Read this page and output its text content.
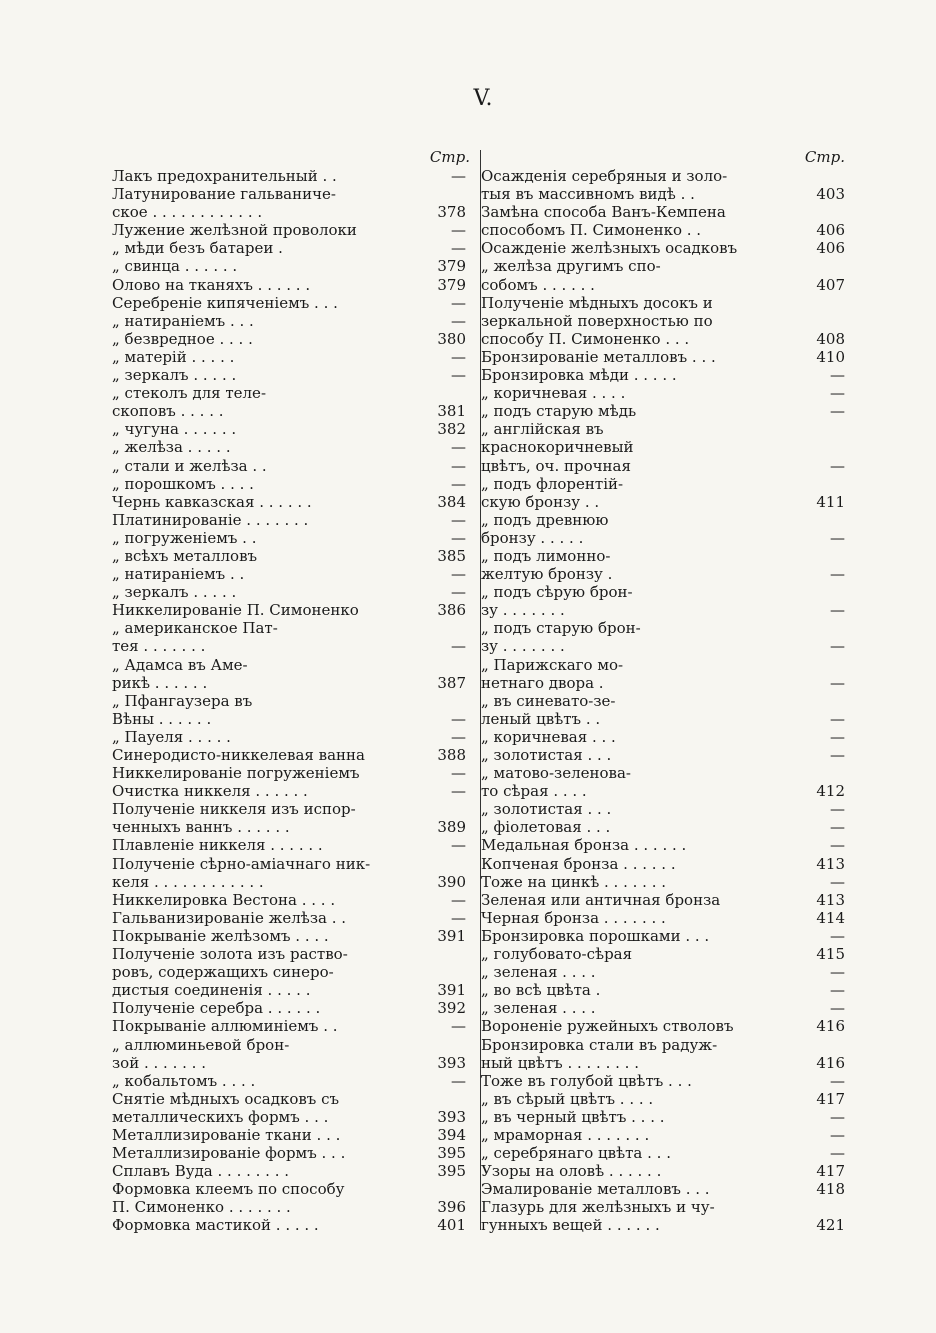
V.
Стр.
Лакъ предохранительный . .	—
Латунирование гальваниче-
ское . . . . . . . . . . . .	378
Лужение желѣзной проволоки	—
„ мѣди безъ батареи .	—
„ свинца . . . . . .	379
Олово на тканяхъ . . . . . .	379
Серебреніе кипяченіемъ . . .	—
„ натираніемъ . . .	—
„ безвредное . . . .	380
„ матерій . . . . .	—
„ зеркалъ . . . . .	—
„ стеколъ для теле-
скоповъ . . . . .	381
„ чугуна . . . . . .	382
„ желѣза . . . . .	—
„ стали и желѣза . .	—
„ порошкомъ . . . .	—
Чернь кавказская . . . . . .	384
Платинированіе . . . . . . .	—
„ погруженіемъ . .	—
„ всѣхъ металловъ	385
„ натираніемъ . .	—
„ зеркалъ . . . . .	—
Никкелированіе П. Симоненко	386
„ американское Пат-
тея . . . . . . .	—
„ Адамса въ Аме-
рикѣ . . . . . .	387
„ Пфангаузера въ
Вѣны . . . . . .	—
„ Пауеля . . . . .	—
Синеродисто-никкелевая ванна	388
Никкелированіе погруженіемъ	—
Очистка никкеля . . . . . .	—
Полученіе никкеля изъ испор-
ченныхъ ваннъ . . . . . .	389
Плавленіе никкеля . . . . . .	—
Полученіе сѣрно-аміачнаго ник-
келя . . . . . . . . . . . .	390
Никкелировка Вестона . . . .	—
Гальванизированіе желѣза . .	—
Покрываніе желѣзомъ . . . .	391
Полученіе золота изъ раство-
ровъ, содержащихъ синеро-
дистыя соединенія . . . . .	391
Полученіе серебра . . . . . .	392
Покрываніе аллюминіемъ . .	—
„ аллюминьевой брон-
зой . . . . . . .	393
„ кобальтомъ . . . .	—
Снятіе мѣдныхъ осадковъ съ
металлическихъ формъ . . .	393
Металлизированіе ткани . . .	394
Металлизированіе формъ . . .	395
Сплавъ Вуда . . . . . . . .	395
Формовка клеемъ по способу
П. Симоненко . . . . . . .	396
Формовка мастикой . . . . .	401
Стр.
Осажденія серебряныя и золо-
тыя въ массивномъ видѣ . .	403
Замѣна способа Ванъ-Кемпена
способомъ П. Симоненко . .	406
Осажденіе желѣзныхъ осадковъ	406
„ желѣза другимъ спо-
собомъ . . . . . .	407
Полученіе мѣдныхъ досокъ и
зеркальной поверхностью по
способу П. Симоненко . . .	408
Бронзированіе металловъ . . .	410
Бронзировка мѣди . . . . .	—
„ коричневая . . . .	—
„ подъ старую мѣдь	—
„ англійская въ
краснокоричневый
цвѣтъ, оч. прочная	—
„ подъ флорентій-
скую бронзу . .	411
„ подъ древнюю
бронзу . . . . .	—
„ подъ лимонно-
желтую бронзу .	—
„ подъ сѣрую брон-
зу . . . . . . .	—
„ подъ старую брон-
зу . . . . . . .	—
„ Парижскаго мо-
нетнаго двора .	—
„ въ синевато-зе-
леный цвѣтъ . .	—
„ коричневая . . .	—
„ золотистая . . .	—
„ матово-зеленова-
то сѣрая . . . .	412
„ золотистая . . .	—
„ фіолетовая . . .	—
Медальная бронза . . . . . .	—
Копченая бронза . . . . . .	413
Тоже на цинкѣ . . . . . . .	—
Зеленая или античная бронза	413
Черная бронза . . . . . . .	414
Бронзировка порошками . . .	—
„ голубовато-сѣрая	415
„ зеленая . . . .	—
„ во всѣ цвѣта .	—
„ зеленая . . . .	—
Вороненіе ружейныхъ стволовъ	416
Бронзировка стали въ радуж-
ный цвѣтъ . . . . . . . .	416
Тоже въ голубой цвѣтъ . . .	—
„ въ сѣрый цвѣтъ . . . .	417
„ въ черный цвѣтъ . . . .	—
„ мраморная . . . . . . .	—
„ серебрянаго цвѣта . . .	—
Узоры на оловѣ . . . . . .	417
Эмалированіе металловъ . . .	418
Глазурь для желѣзныхъ и чу-
гунныхъ вещей . . . . . .	421
